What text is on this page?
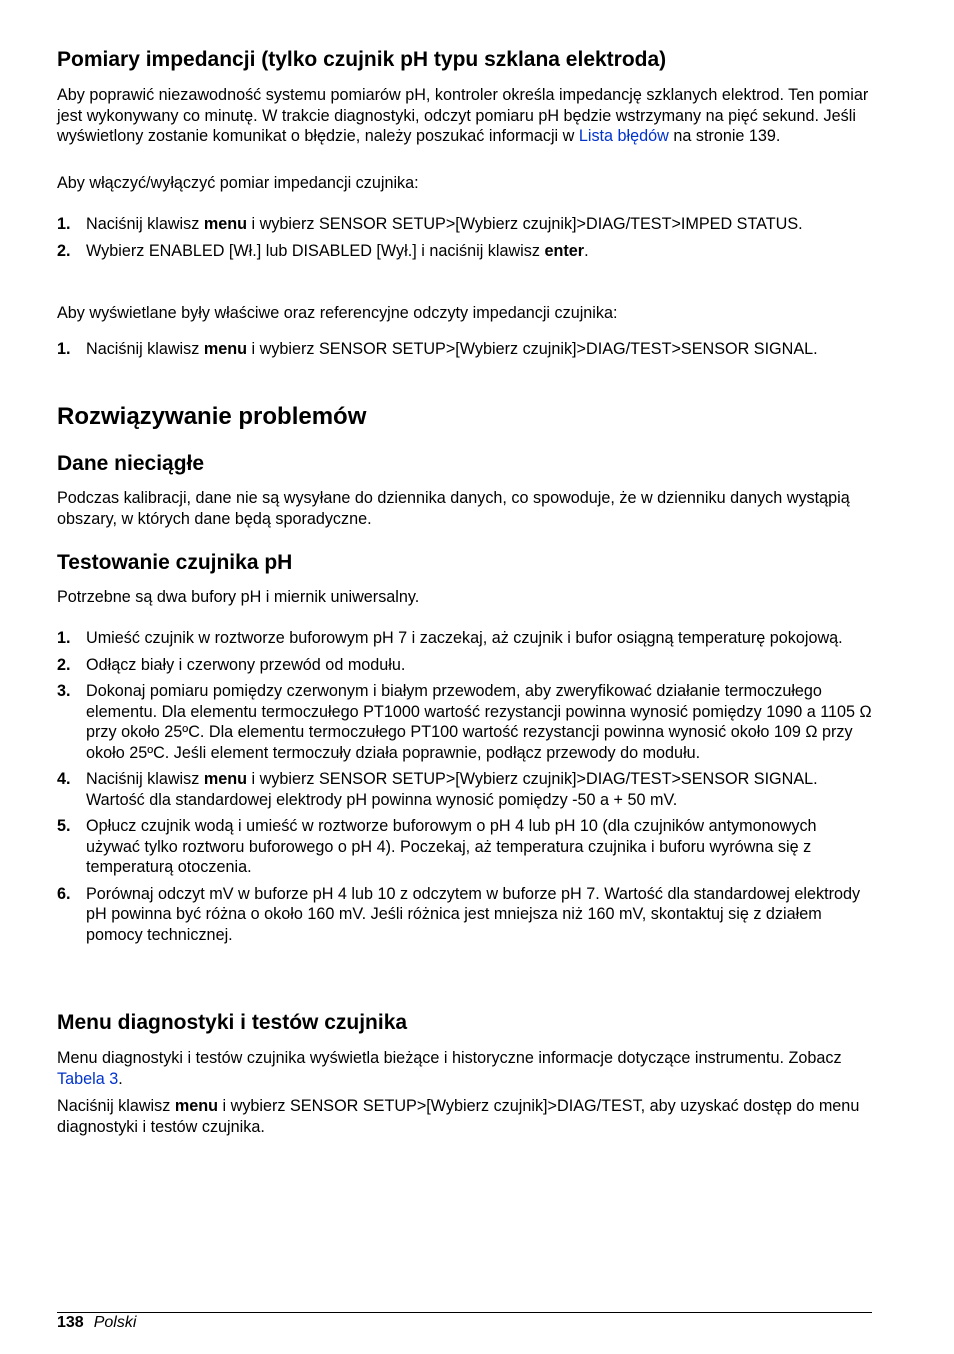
Pomiary impedancji (tylko czujnik pH typu szklana elektroda)

Aby poprawić niezawodność systemu pomiarów pH, kontroler określa impedancję szklanych elektrod. Ten pomiar jest wykonywany co minutę. W trakcie diagnostyki, odczyt pomiaru pH będzie wstrzymany na pięć sekund. Jeśli wyświetlony zostanie komunikat o błędzie, należy poszukać informacji w Lista błędów na stronie 139.

Aby włączyć/wyłączyć pomiar impedancji czujnika:

1. Naciśnij klawisz menu i wybierz SENSOR SETUP>[Wybierz czujnik]>DIAG/TEST>IMPED STATUS.
2. Wybierz ENABLED [Wł.] lub DISABLED [Wył.] i naciśnij klawisz enter.

Aby wyświetlane były właściwe oraz referencyjne odczyty impedancji czujnika:

1. Naciśnij klawisz menu i wybierz SENSOR SETUP>[Wybierz czujnik]>DIAG/TEST>SENSOR SIGNAL.
Rozwiązywanie problemów
Dane nieciągłe

Podczas kalibracji, dane nie są wysyłane do dziennika danych, co spowoduje, że w dzienniku danych wystąpią obszary, w których dane będą sporadyczne.

Testowanie czujnika pH

Potrzebne są dwa bufory pH i miernik uniwersalny.

1. Umieść czujnik w roztworze buforowym pH 7 i zaczekaj, aż czujnik i bufor osiągną temperaturę pokojową.
2. Odłącz biały i czerwony przewód od modułu.
3. Dokonaj pomiaru pomiędzy czerwonym i białym przewodem, aby zweryfikować działanie termoczułego elementu. Dla elementu termoczułego PT1000 wartość rezystancji powinna wynosić pomiędzy 1090 a 1105 Ω przy około 25ºC. Dla elementu termoczułego PT100 wartość rezystancji powinna wynosić około 109 Ω przy około 25ºC. Jeśli element termoczuły działa poprawnie, podłącz przewody do modułu.
4. Naciśnij klawisz menu i wybierz SENSOR SETUP>[Wybierz czujnik]>DIAG/TEST>SENSOR SIGNAL. Wartość dla standardowej elektrody pH powinna wynosić pomiędzy -50 a + 50 mV.
5. Opłucz czujnik wodą i umieść w roztworze buforowym o pH 4 lub pH 10 (dla czujników antymonowych używać tylko roztworu buforowego o pH 4). Poczekaj, aż temperatura czujnika i buforu wyrówna się z temperaturą otoczenia.
6. Porównaj odczyt mV w buforze pH 4 lub 10 z odczytem w buforze pH 7. Wartość dla standardowej elektrody pH powinna być różna o około 160 mV. Jeśli różnica jest mniejsza niż 160 mV, skontaktuj się z działem pomocy technicznej.
Menu diagnostyki i testów czujnika

Menu diagnostyki i testów czujnika wyświetla bieżące i historyczne informacje dotyczące instrumentu. Zobacz Tabela 3.

Naciśnij klawisz menu i wybierz SENSOR SETUP>[Wybierz czujnik]>DIAG/TEST, aby uzyskać dostęp do menu diagnostyki i testów czujnika.

138 Polski
